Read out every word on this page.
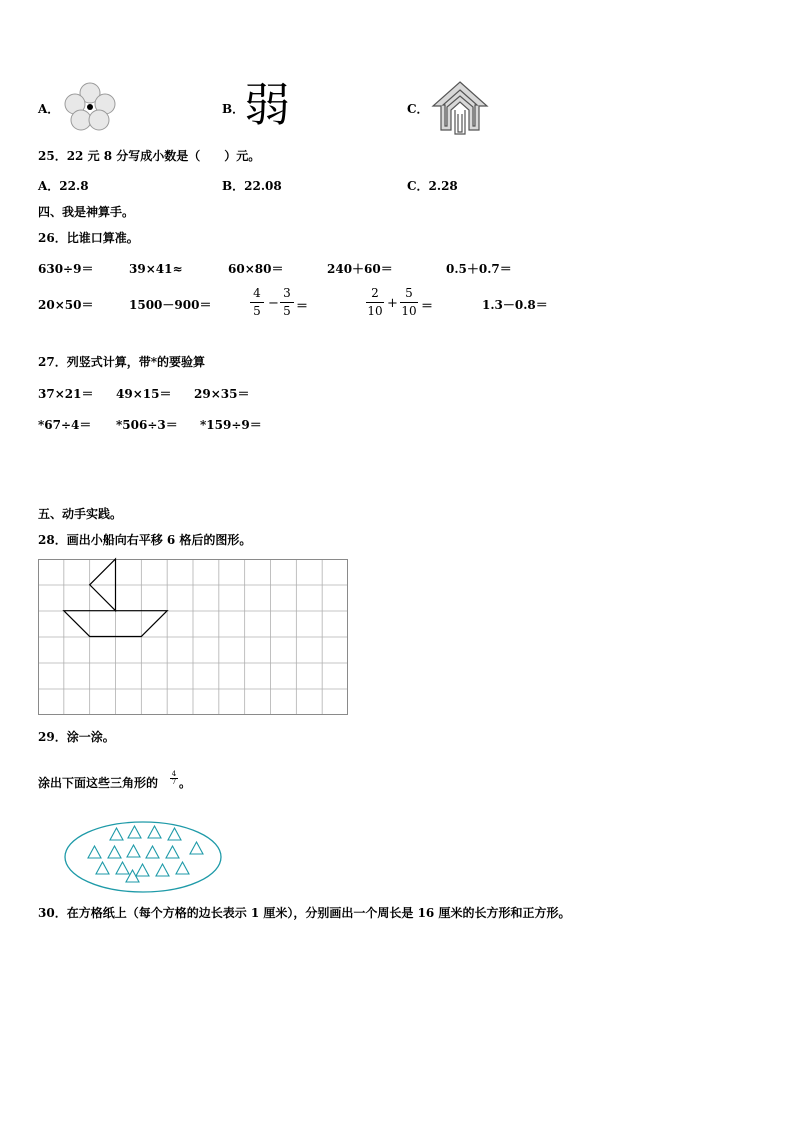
A．	B． 弱	C．
25．22 元 8 分写成小数是（　　）元。
A．22.8	B．22.08	C．2.28
四、我是神算手。
26．比谁口算准。
630÷9＝	39×41≈	60×80＝	240＋60＝	0.5＋0.7＝
20×50＝	1500－900＝	$\frac{4}{5} - \frac{3}{5}$ ＝	$\frac{2}{10} + \frac{5}{10}$ ＝	1.3－0.8＝
27．列竖式计算，带*的要验算
37×21＝ 49×15＝ 29×35＝
*67÷4＝ *506÷3＝ *159÷9＝
五、动手实践。
28．画出小船向右平移 6 格后的图形。
29．涂一涂。
涂出下面这些三角形的
4
7 。
30．在方格纸上（每个方格的边长表示 1 厘米），分别画出一个周长是 16 厘米的长方形和正方形。
